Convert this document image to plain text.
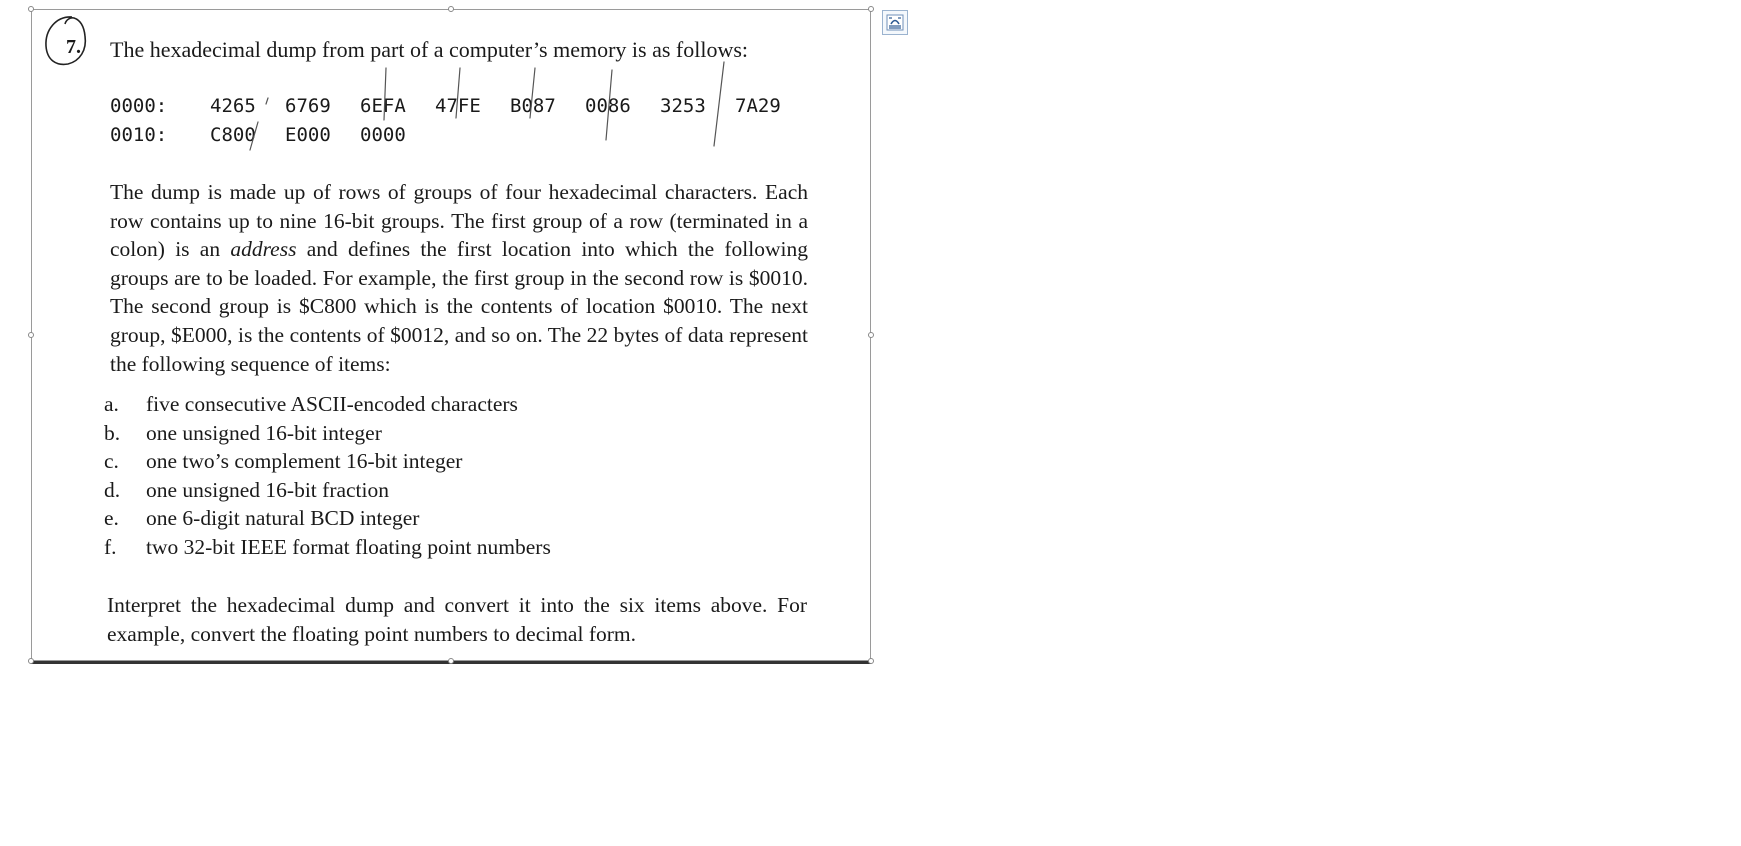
7. The hexadecimal dump from part of a computer’s memory is as follows:
0000: 4265 6769 6EFA 47FE B087 0086 3253 7A29
0010: C800 E000 0000

The dump is made up of rows of groups of four hexadecimal characters. Each row contains up to nine 16-bit groups. The first group of a row (terminated in a colon) is an address and defines the first location into which the following groups are to be loaded. For example, the first group in the second row is $0010. The second group is $C800 which is the contents of location $0010. The next group, $E000, is the contents of $0012, and so on. The 22 bytes of data represent the following sequence of items:

a.	five consecutive ASCII-encoded characters
b.	one unsigned 16-bit integer
c.	one two’s complement 16-bit integer
d.	one unsigned 16-bit fraction
e.	one 6-digit natural BCD integer
f.	two 32-bit IEEE format floating point numbers
Interpret the hexadecimal dump and convert it into the six items above. For example, convert the floating point numbers to decimal form.
